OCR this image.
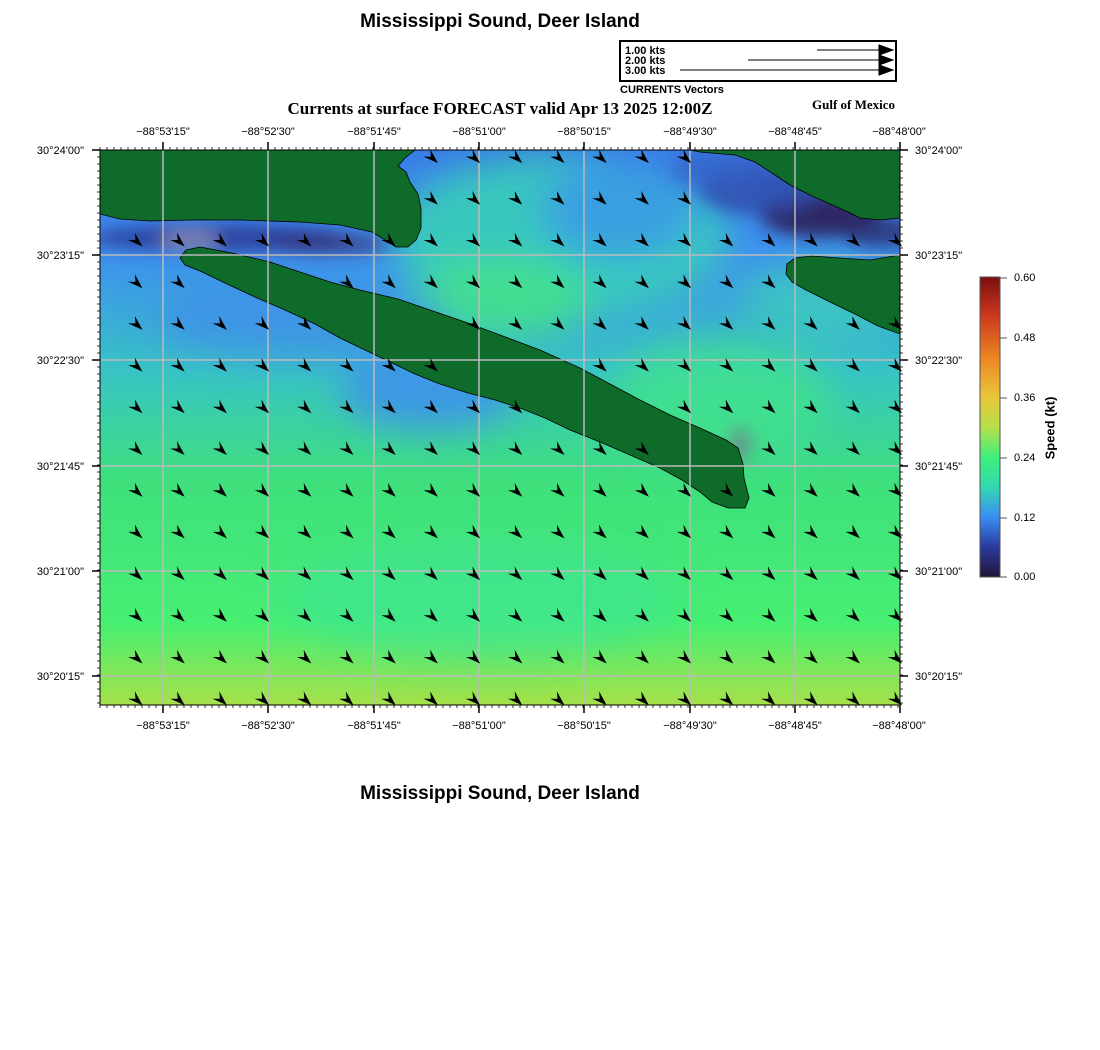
Mississippi Sound, Deer Island
1.00 kts
2.00 kts
3.00 kts
CURRENTS Vectors
Currents at surface FORECAST valid Apr 13 2025 12:00Z	Gulf of Mexico
−88°53'15"	−88°52'30"	−88°51'45"	−88°51'00"	−88°50'15"	−88°49'30"	−88°48'45"	−88°48'00"
−88°53'15"	−88°52'30"	−88°51'45"	−88°51'00"	−88°50'15"	−88°49'30"	−88°48'45"	−88°48'00"
30°24'00"
30°23'15"
30°22'30"
30°21'45"
30°21'00"
30°20'15"
30°24'00"
30°23'15"
30°22'30"
30°21'45"
30°21'00"
30°20'15"
0.60
0.48
0.36
0.24
0.12
0.00
Speed (kt)
Mississippi Sound, Deer Island
